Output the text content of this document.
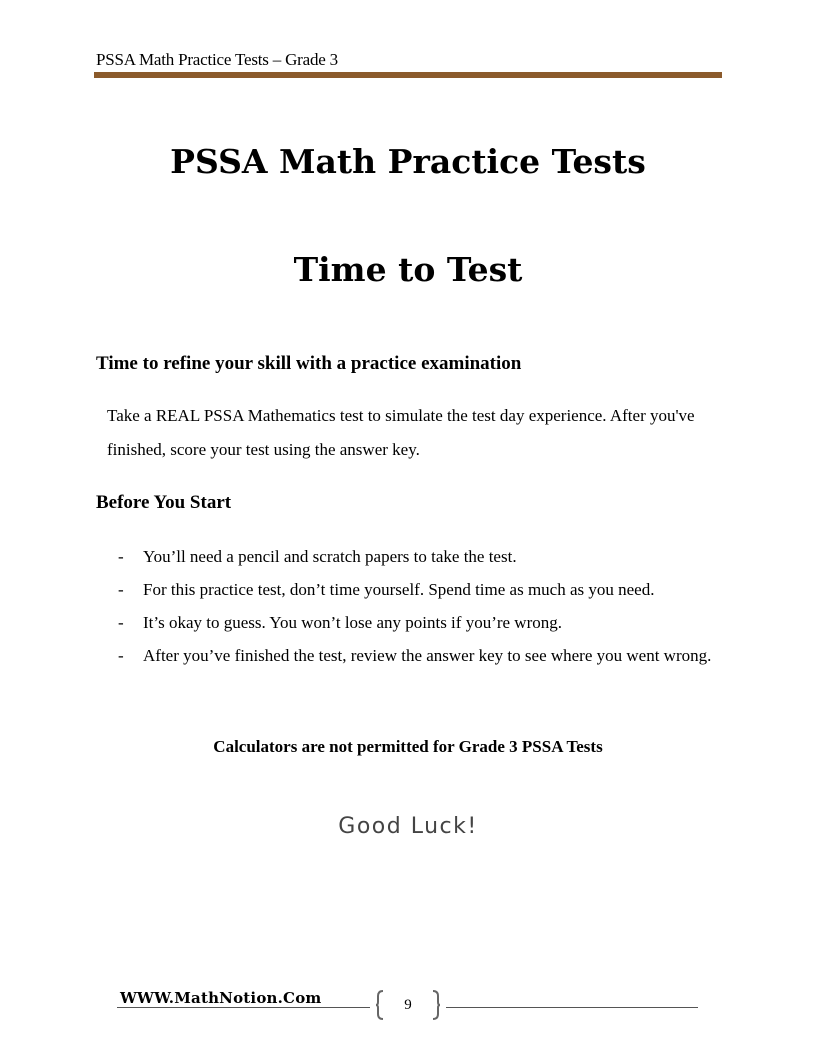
PSSA Math Practice Tests – Grade 3
PSSA Math Practice Tests
Time to Test
Time to refine your skill with a practice examination
Take a REAL PSSA Mathematics test to simulate the test day experience. After you've finished, score your test using the answer key.
Before You Start
- You’ll need a pencil and scratch papers to take the test.
- For this practice test, don’t time yourself. Spend time as much as you need.
- It’s okay to guess. You won’t lose any points if you’re wrong.
- After you’ve finished the test, review the answer key to see where you went wrong.
Calculators are not permitted for Grade 3 PSSA Tests
Good Luck!
WWW.MathNotion.Com	9
